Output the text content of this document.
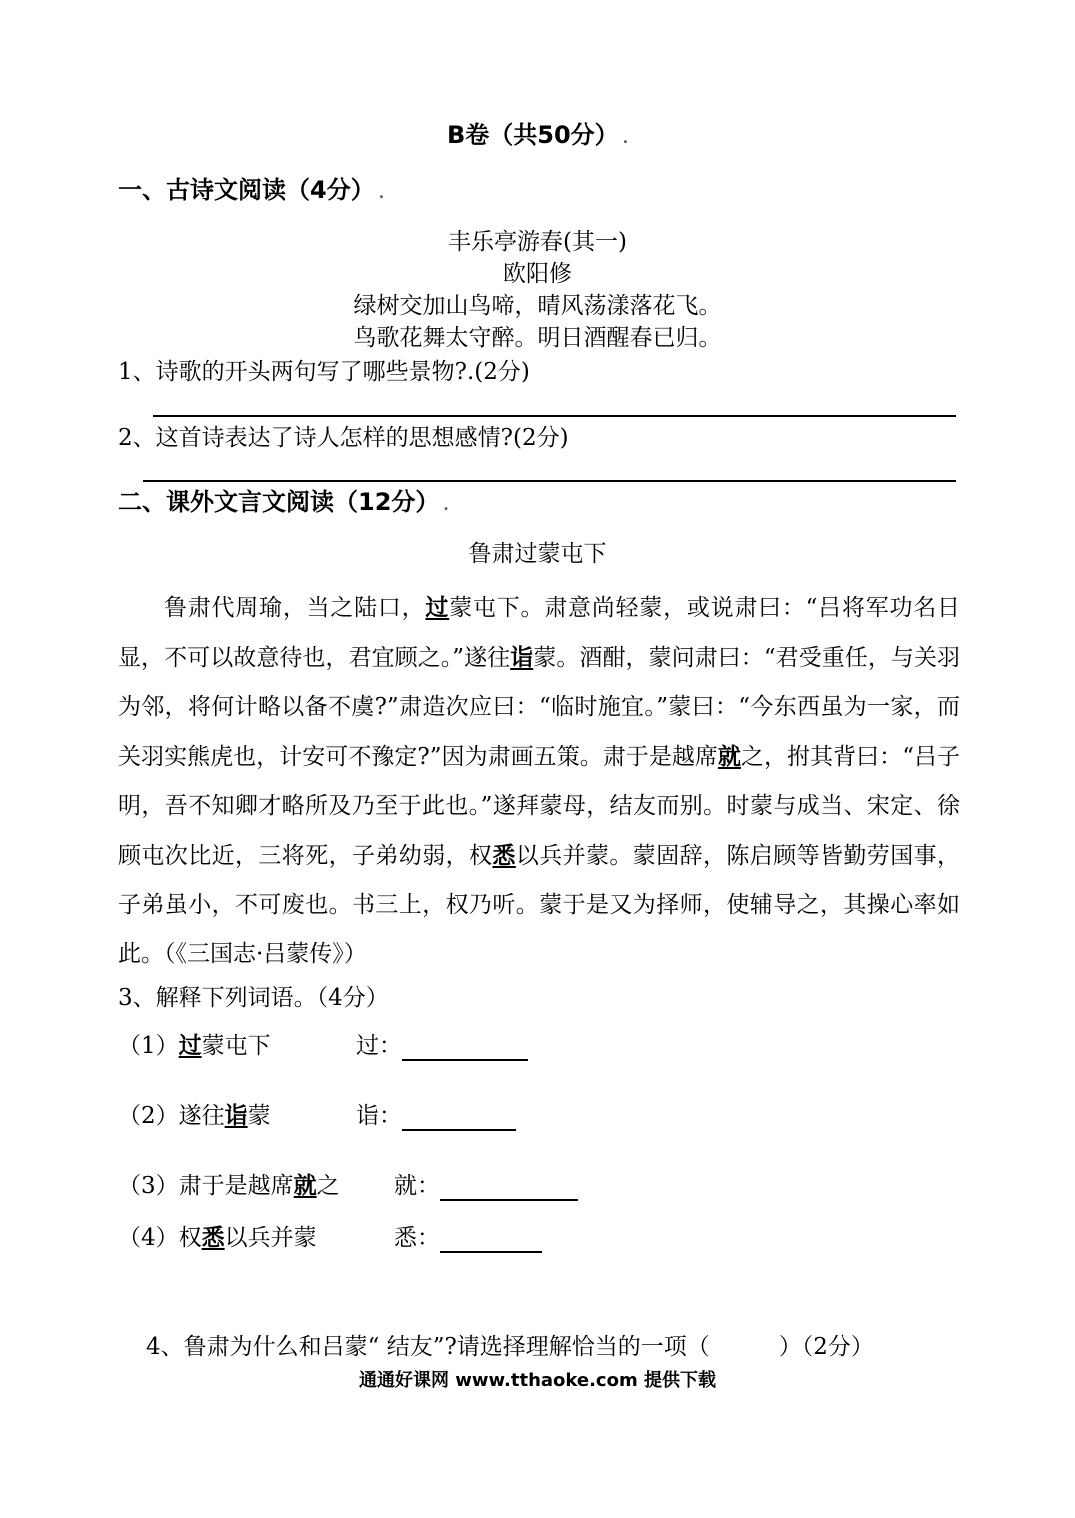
B卷（共50分） .
一、古诗文阅读（4分） .
丰乐亭游春(其一)
欧阳修
绿树交加山鸟啼，晴风荡漾落花飞。
鸟歌花舞太守醉。明日酒醒春已归。
1、诗歌的开头两句写了哪些景物?.(2分)
2、这首诗表达了诗人怎样的思想感情?(2分)
二、课外文言文阅读（12分） .
鲁肃过蒙屯下
鲁肃代周瑜，当之陆口，过蒙屯下。肃意尚轻蒙，或说肃曰：“吕将军功名日显，不可以故意待也，君宜顾之。”遂往诣蒙。酒酣，蒙问肃曰：“君受重任，与关羽为邻，将何计略以备不虞?”肃造次应曰：“临时施宜。”蒙曰：“今东西虽为一家，而关羽实熊虎也，计安可不豫定?”因为肃画五策。肃于是越席就之，拊其背曰：“吕子明，吾不知卿才略所及乃至于此也。”遂拜蒙母，结友而别。时蒙与成当、宋定、徐顾屯次比近，三将死，子弟幼弱，权悉以兵并蒙。蒙固辞，陈启顾等皆勤劳国事，子弟虽小，不可废也。书三上，权乃听。蒙于是又为择师，使辅导之，其操心率如此。（《三国志·吕蒙传》）
3、解释下列词语。（4分）
（1）过蒙屯下	过：
（2）遂往诣蒙	诣：
（3）肃于是越席就之 就：
（4）权悉以兵并蒙	悉：
4、鲁肃为什么和吕蒙“ 结友”?请选择理解恰当的一项（　　　）（2分）
通通好课网 www.tthaoke.com 提供下载
